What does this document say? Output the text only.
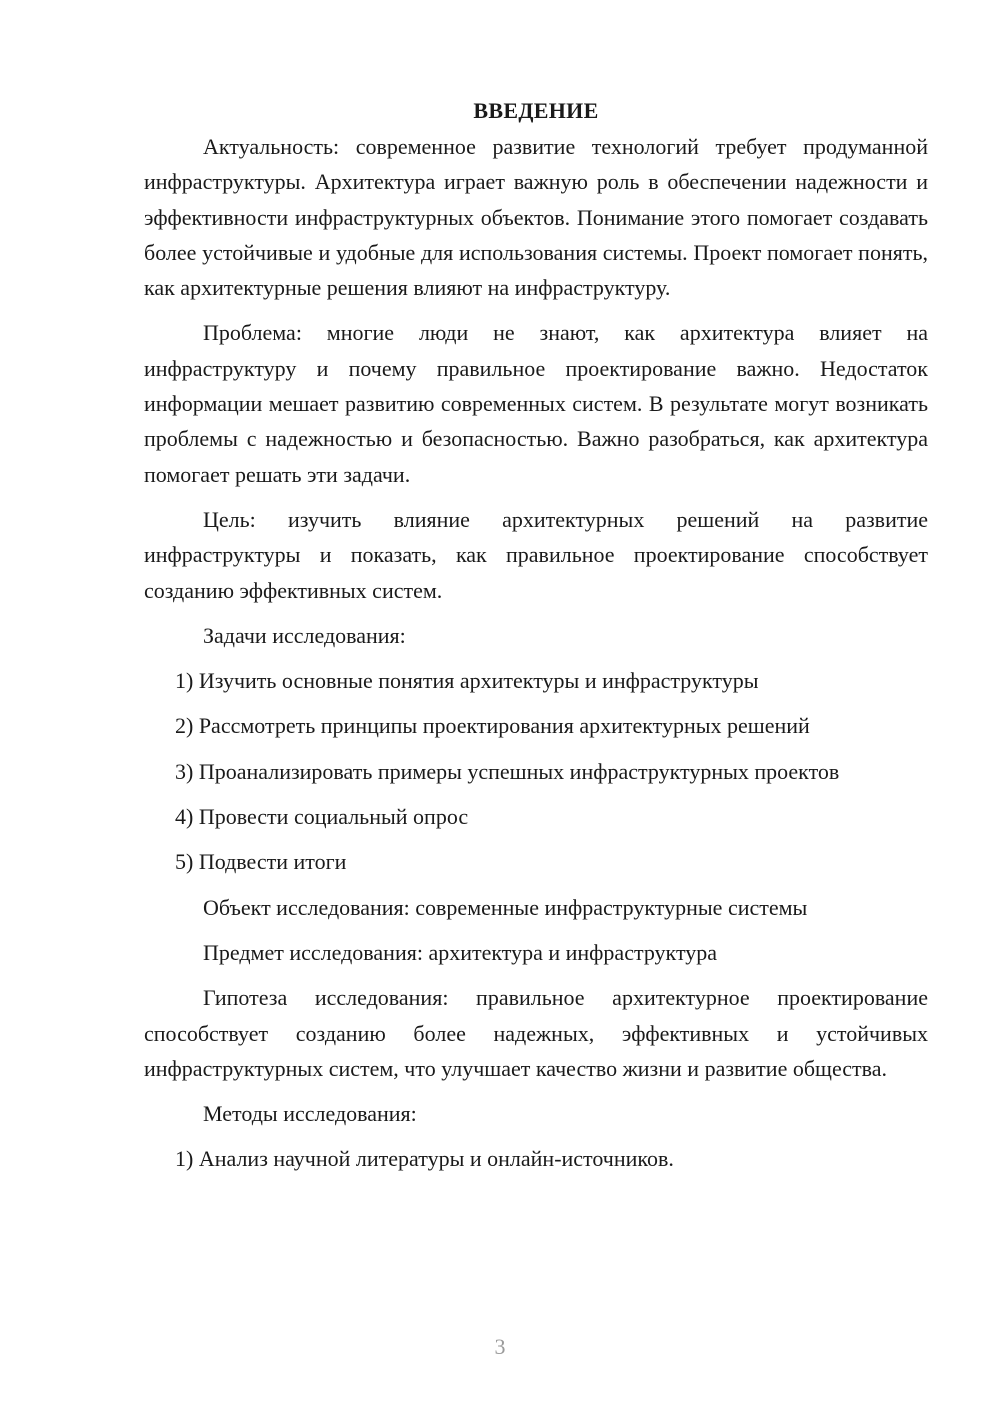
ВВЕДЕНИЕ

Актуальность: современное развитие технологий требует продуманной инфраструктуры. Архитектура играет важную роль в обеспечении надежности и эффективности инфраструктурных объектов. Понимание этого помогает создавать более устойчивые и удобные для использования системы. Проект помогает понять, как архитектурные решения влияют на инфраструктуру.

Проблема: многие люди не знают, как архитектура влияет на инфраструктуру и почему правильное проектирование важно. Недостаток информации мешает развитию современных систем. В результате могут возникать проблемы с надежностью и безопасностью. Важно разобраться, как архитектура помогает решать эти задачи.

Цель: изучить влияние архитектурных решений на развитие инфраструктуры и показать, как правильное проектирование способствует созданию эффективных систем.

Задачи исследования:

1) Изучить основные понятия архитектуры и инфраструктуры

2) Рассмотреть принципы проектирования архитектурных решений

3) Проанализировать примеры успешных инфраструктурных проектов

4) Провести социальный опрос

5) Подвести итоги

Объект исследования: современные инфраструктурные системы

Предмет исследования: архитектура и инфраструктура

Гипотеза исследования: правильное архитектурное проектирование способствует созданию более надежных, эффективных и устойчивых инфраструктурных систем, что улучшает качество жизни и развитие общества.

Методы исследования:

1) Анализ научной литературы и онлайн-источников.

3
